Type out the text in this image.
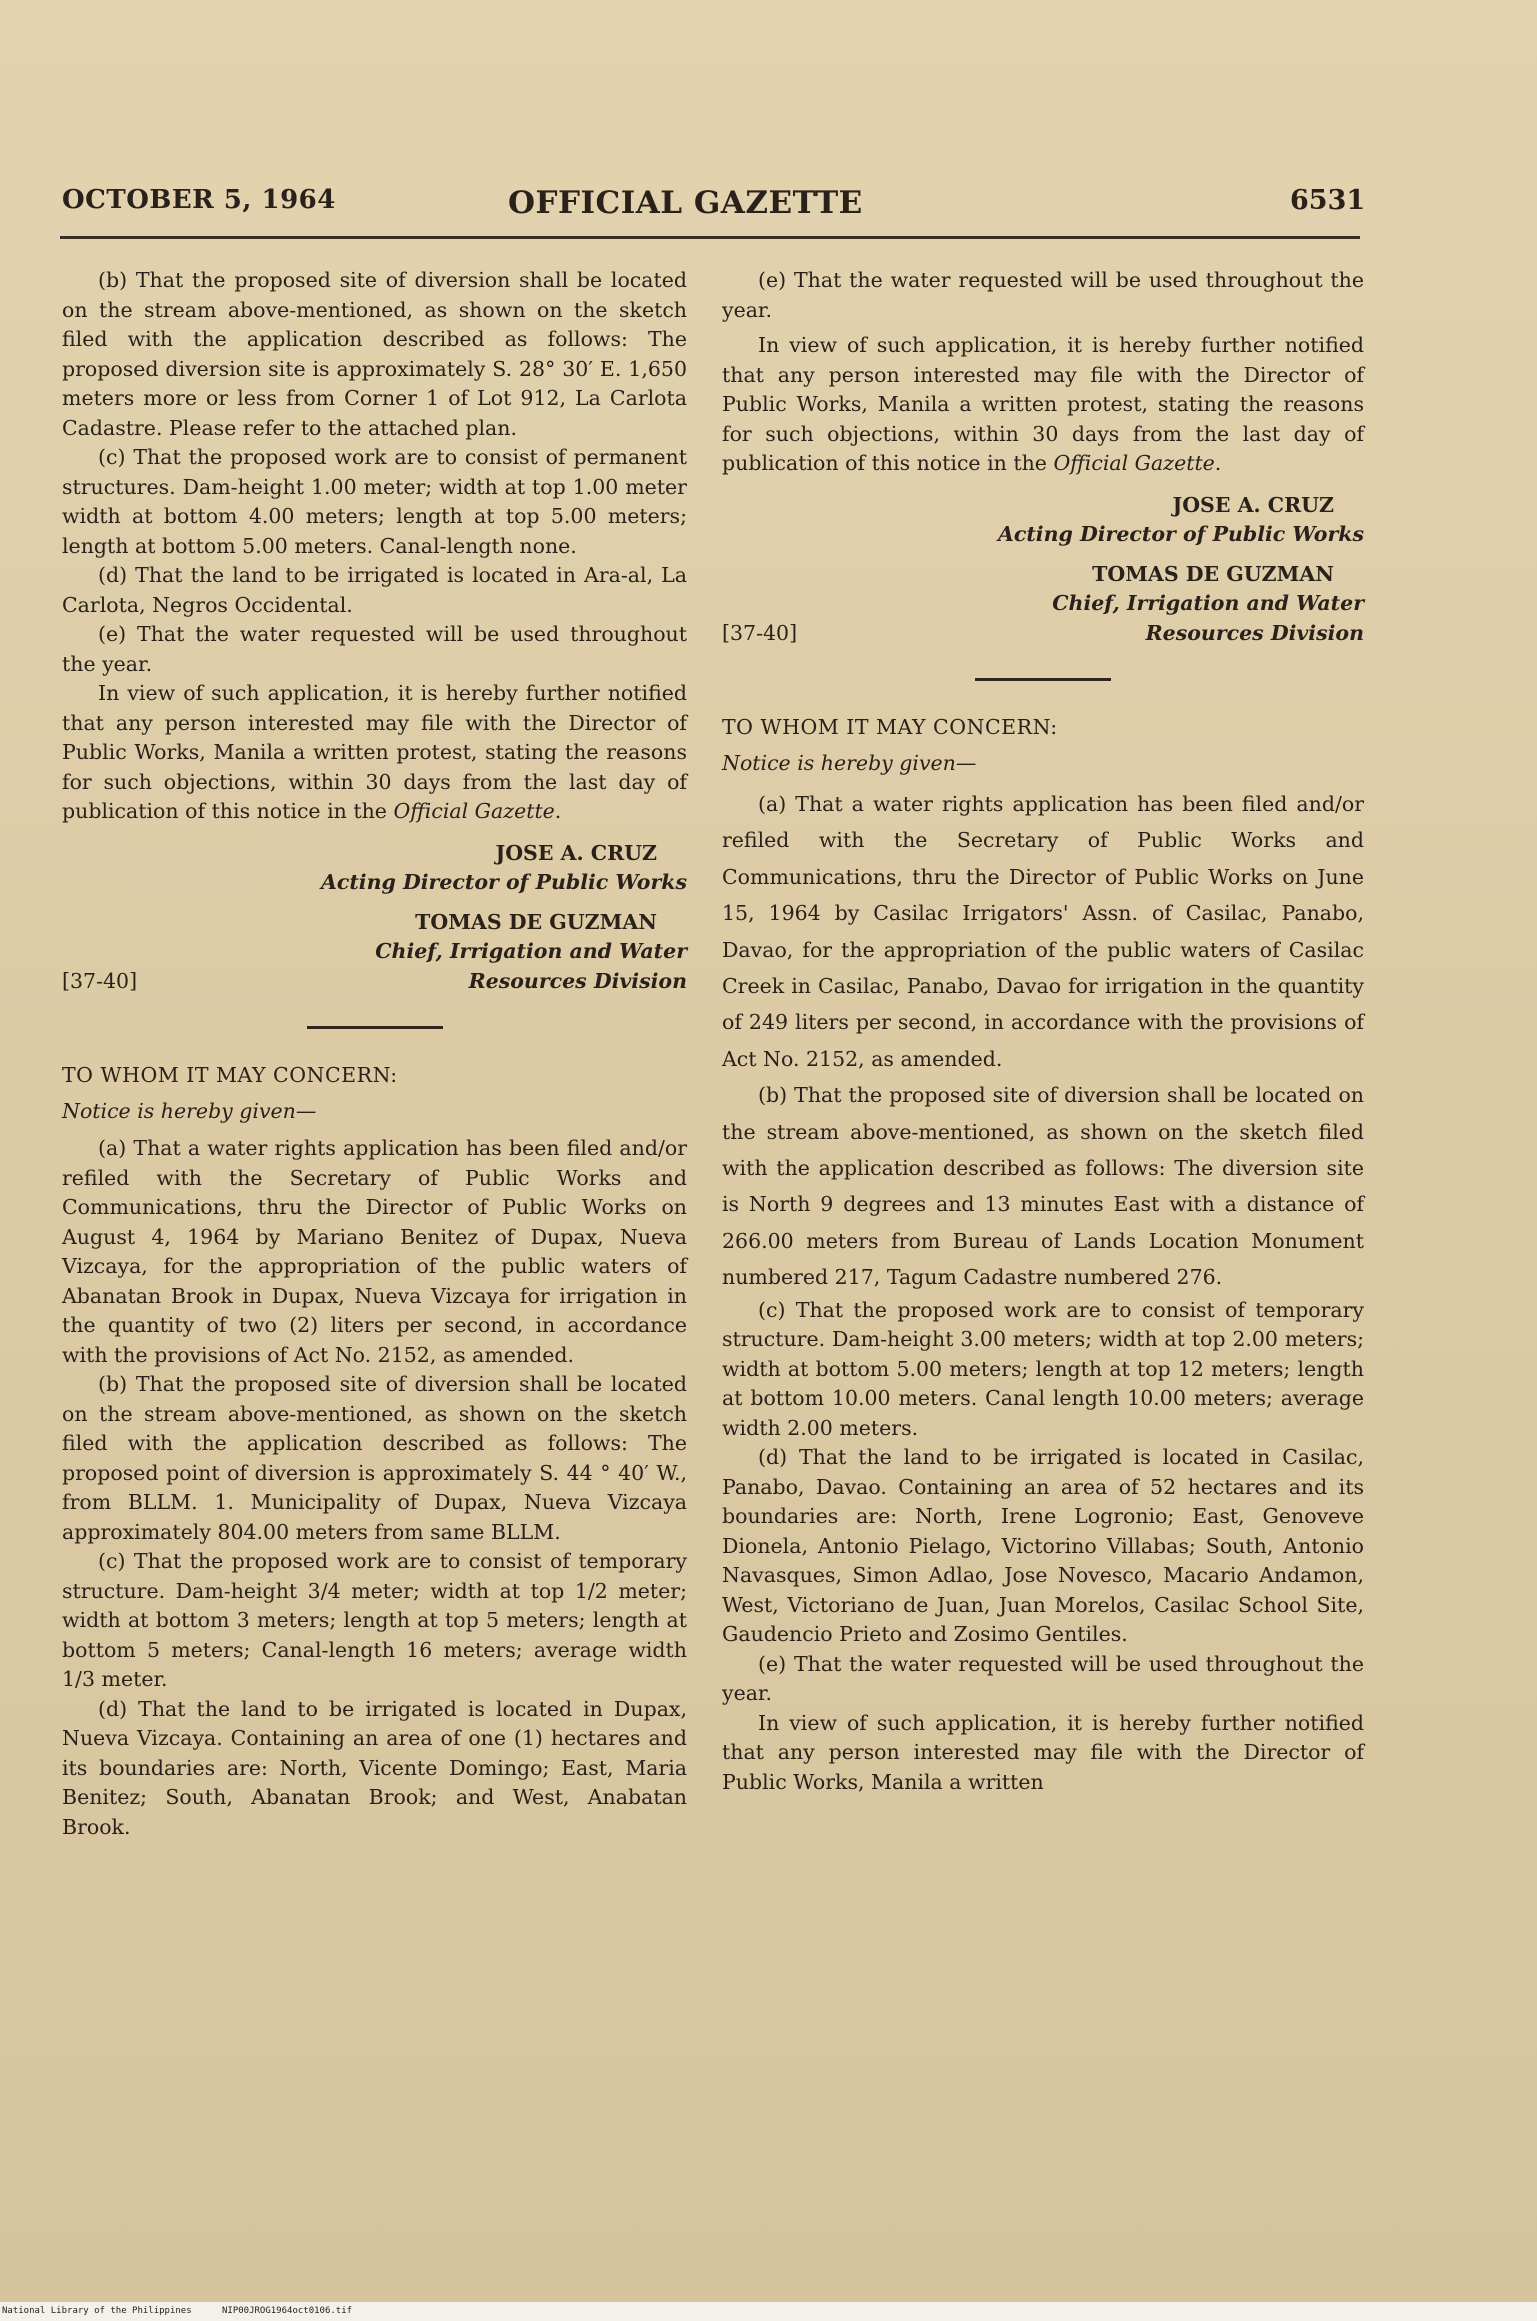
OCTOBER 5, 1964	OFFICIAL GAZETTE	6531

(b) That the proposed site of diversion shall be located on the stream above-mentioned, as shown on the sketch filed with the application described as follows: The proposed diversion site is approximately S. 28° 30′ E. 1,650 meters more or less from Corner 1 of Lot 912, La Carlota Cadastre. Please refer to the attached plan.

(c) That the proposed work are to consist of permanent structures. Dam-height 1.00 meter; width at top 1.00 meter width at bottom 4.00 meters; length at top 5.00 meters; length at bottom 5.00 meters. Canal-length none.

(d) That the land to be irrigated is located in Ara-al, La Carlota, Negros Occidental.

(e) That the water requested will be used throughout the year.

In view of such application, it is hereby further notified that any person interested may file with the Director of Public Works, Manila a written protest, stating the reasons for such objections, within 30 days from the last day of publication of this notice in the Official Gazette.

JOSE A. CRUZ
Acting Director of Public Works
TOMAS DE GUZMAN
Chief, Irrigation and Water
[37-40]	Resources Division
TO WHOM IT MAY CONCERN:
Notice is hereby given—

(a) That a water rights application has been filed and/or refiled with the Secretary of Public Works and Communications, thru the Director of Public Works on August 4, 1964 by Mariano Benitez of Dupax, Nueva Vizcaya, for the appropriation of the public waters of Abanatan Brook in Dupax, Nueva Vizcaya for irrigation in the quantity of two (2) liters per second, in accordance with the provisions of Act No. 2152, as amended.

(b) That the proposed site of diversion shall be located on the stream above-mentioned, as shown on the sketch filed with the application described as follows: The proposed point of diversion is approximately S. 44 ° 40′ W., from BLLM. 1. Municipality of Dupax, Nueva Vizcaya approximately 804.00 meters from same BLLM.

(c) That the proposed work are to consist of temporary structure. Dam-height 3/4 meter; width at top 1/2 meter; width at bottom 3 meters; length at top 5 meters; length at bottom 5 meters; Canal-length 16 meters; average width 1/3 meter.

(d) That the land to be irrigated is located in Dupax, Nueva Vizcaya. Containing an area of one (1) hectares and its boundaries are: North, Vicente Domingo; East, Maria Benitez; South, Abanatan Brook; and West, Anabatan Brook.

(e) That the water requested will be used throughout the year.

In view of such application, it is hereby further notified that any person interested may file with the Director of Public Works, Manila a written protest, stating the reasons for such objections, within 30 days from the last day of publication of this notice in the Official Gazette.

JOSE A. CRUZ
Acting Director of Public Works
TOMAS DE GUZMAN
Chief, Irrigation and Water
[37-40]	Resources Division
TO WHOM IT MAY CONCERN:
Notice is hereby given—

(a) That a water rights application has been filed and/or refiled with the Secretary of Public Works and Communications, thru the Director of Public Works on June 15, 1964 by Casilac Irrigators' Assn. of Casilac, Panabo, Davao, for the appropriation of the public waters of Casilac Creek in Casilac, Panabo, Davao for irrigation in the quantity of 249 liters per second, in accordance with the provisions of Act No. 2152, as amended.

(b) That the proposed site of diversion shall be located on the stream above-mentioned, as shown on the sketch filed with the application described as follows: The diversion site is North 9 degrees and 13 minutes East with a distance of 266.00 meters from Bureau of Lands Location Monument numbered 217, Tagum Cadastre numbered 276.

(c) That the proposed work are to consist of temporary structure. Dam-height 3.00 meters; width at top 2.00 meters; width at bottom 5.00 meters; length at top 12 meters; length at bottom 10.00 meters. Canal length 10.00 meters; average width 2.00 meters.

(d) That the land to be irrigated is located in Casilac, Panabo, Davao. Containing an area of 52 hectares and its boundaries are: North, Irene Logronio; East, Genoveve Dionela, Antonio Pielago, Victorino Villabas; South, Antonio Navasques, Simon Adlao, Jose Novesco, Macario Andamon, West, Victoriano de Juan, Juan Morelos, Casilac School Site, Gaudencio Prieto and Zosimo Gentiles.

(e) That the water requested will be used throughout the year.

In view of such application, it is hereby further notified that any person interested may file with the Director of Public Works, Manila a written

National Library of the Philippines	NIP00JROG1964oct0106.tif
